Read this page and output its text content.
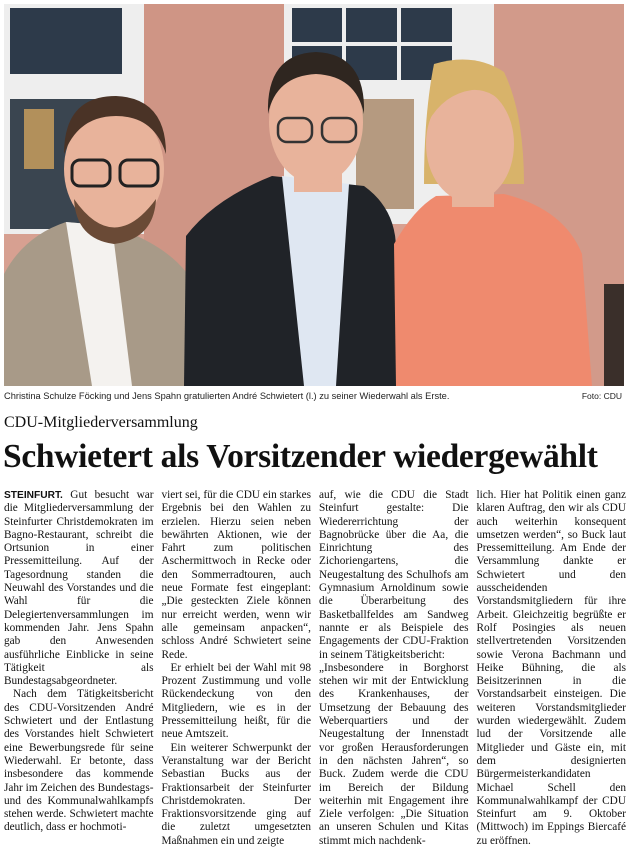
Christina Schulze Föcking und Jens Spahn gratulierten André Schwietert (l.) zu seiner Wiederwahl als Erste.	Foto: CDU
CDU-Mitgliederversammlung
Schwietert als Vorsitzender wiedergewählt

STEINFURT. Gut besucht war die Mitgliederversammlung der Steinfurter Christdemokraten im Bagno-Restaurant, schreibt die Ortsunion in einer Pressemitteilung. Auf der Tagesordnung standen die Neuwahl des Vorstandes und die Wahl für die Delegiertenversammlungen im kommenden Jahr. Jens Spahn gab den Anwesenden ausführliche Einblicke in seine Tätigkeit als Bundestagsabgeordneter.

Nach dem Tätigkeitsbericht des CDU-Vorsitzenden André Schwietert und der Entlastung des Vorstandes hielt Schwietert eine Bewerbungsrede für seine Wiederwahl. Er betonte, dass insbesondere das kommende Jahr im Zeichen des Bundestags- und des Kommunalwahlkampfs stehen werde. Schwietert machte deutlich, dass er hochmoti-

viert sei, für die CDU ein starkes Ergebnis bei den Wahlen zu erzielen. Hierzu seien neben bewährten Aktionen, wie der Fahrt zum politischen Aschermittwoch in Recke oder den Sommerradtouren, auch neue Formate fest eingeplant: „Die gesteckten Ziele können nur erreicht werden, wenn wir alle gemeinsam anpacken“, schloss André Schwietert seine Rede.

Er erhielt bei der Wahl mit 98 Prozent Zustimmung und volle Rückendeckung von den Mitgliedern, wie es in der Pressemitteilung heißt, für die neue Amtszeit.

Ein weiterer Schwerpunkt der Veranstaltung war der Bericht Sebastian Bucks aus der Fraktionsarbeit der Steinfurter Christdemokraten. Der Fraktionsvorsitzende ging auf die zuletzt umgesetzten Maßnahmen ein und zeigte

auf, wie die CDU die Stadt Steinfurt gestalte: Die Wiedererrichtung der Bagnobrücke über die Aa, die Einrichtung des Zichoriengartens, die Neugestaltung des Schulhofs am Gymnasium Arnoldinum sowie die Überarbeitung des Basketballfeldes am Sandweg nannte er als Beispiele des Engagements der CDU-Fraktion in seinem Tätigkeitsbericht:

„Insbesondere in Borghorst stehen wir mit der Entwicklung des Krankenhauses, der Umsetzung der Bebauung des Weberquartiers und der Neugestaltung der Innenstadt vor großen Herausforderungen in den nächsten Jahren“, so Buck. Zudem werde die CDU im Bereich der Bildung weiterhin mit Engagement ihre Ziele verfolgen: „Die Situation an unseren Schulen und Kitas stimmt mich nachdenk-

lich. Hier hat Politik einen ganz klaren Auftrag, den wir als CDU auch weiterhin konsequent umsetzen werden“, so Buck laut Pressemitteilung. Am Ende der Versammlung dankte er Schwietert und den ausscheidenden Vorstandsmitgliedern für ihre Arbeit. Gleichzeitig begrüßte er Rolf Posingies als neuen stellvertretenden Vorsitzenden sowie Verona Bachmann und Heike Bühning, die als Beisitzerinnen in die Vorstandsarbeit einsteigen. Die weiteren Vorstandsmitglieder wurden wiedergewählt. Zudem lud der Vorsitzende alle Mitglieder und Gäste ein, mit dem designierten Bürgermeisterkandidaten Michael Schell den Kommunalwahlkampf der CDU Steinfurt am 9. Oktober (Mittwoch) im Eppings Biercafé zu eröffnen.
